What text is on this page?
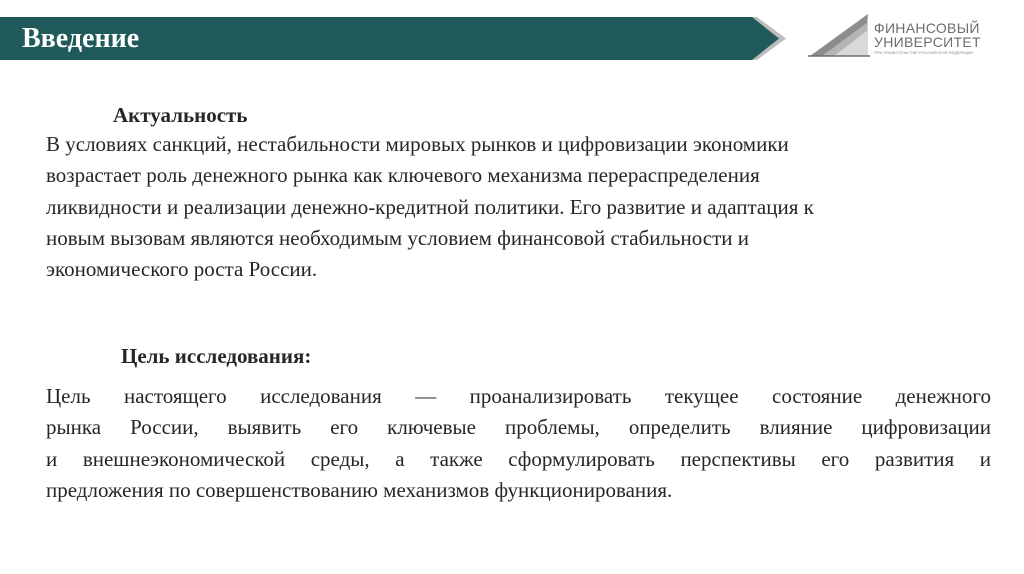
Введение	ФИНАНСОВЫЙ
УНИВЕРСИТЕТ
ПРИ ПРАВИТЕЛЬСТВЕ РОССИЙСКОЙ ФЕДЕРАЦИИ
Актуальность
В условиях санкций, нестабильности мировых рынков и цифровизации экономики
возрастает роль денежного рынка как ключевого механизма перераспределения
ликвидности и реализации денежно-кредитной политики. Его развитие и адаптация к
новым вызовам являются необходимым условием финансовой стабильности и
экономического роста России.
Цель исследования:
Цель настоящего исследования — проанализировать текущее состояние денежного
рынка России, выявить его ключевые проблемы, определить влияние цифровизации
и внешнеэкономической среды, а также сформулировать перспективы его развития и
предложения по совершенствованию механизмов функционирования.
